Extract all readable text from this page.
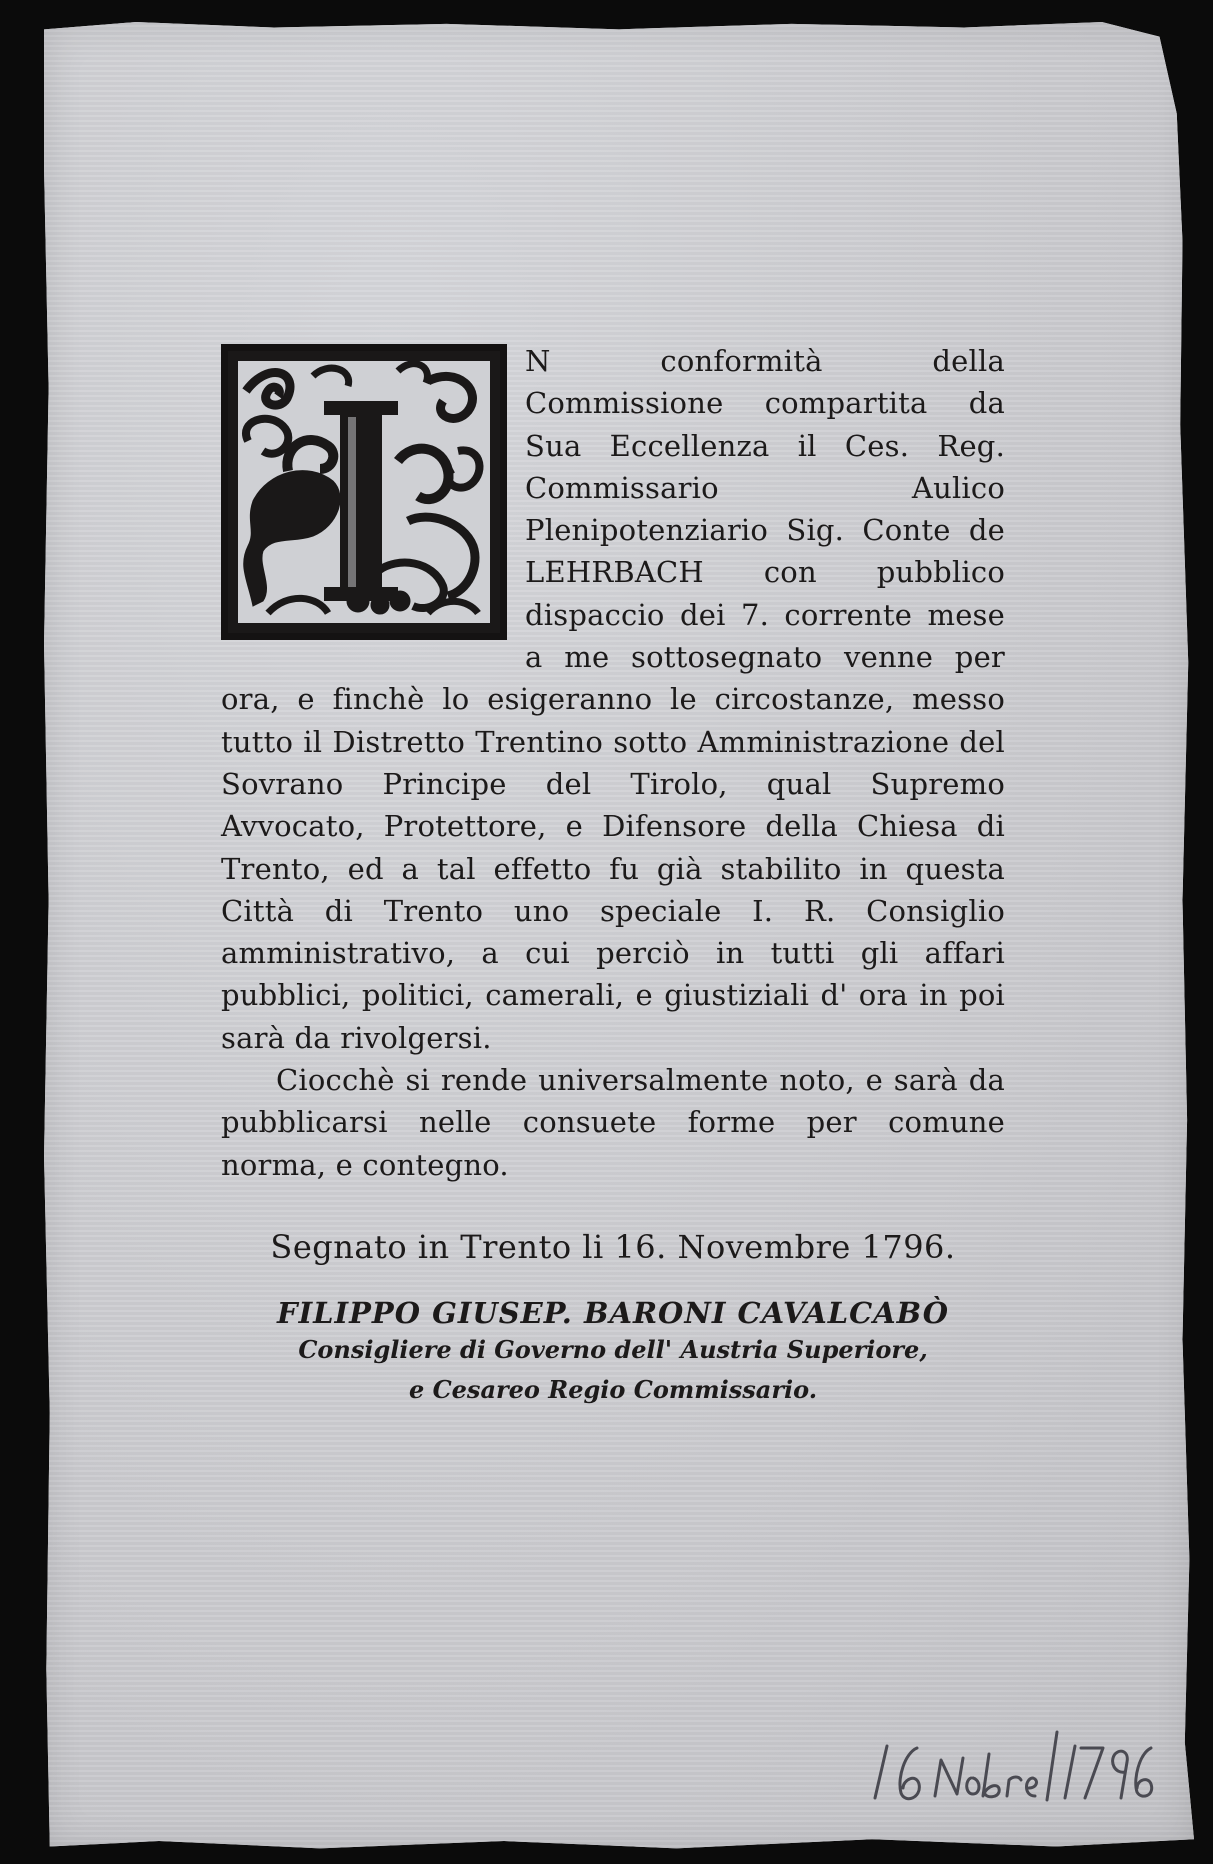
N conformità della Commissione compartita da Sua Eccellenza il Ces. Reg. Commissario Aulico Plenipotenziario Sig. Conte de LEHRBACH con pubblico dispaccio dei 7. corrente mese a me sottosegnato venne per ora, e finchè lo esigeranno le circostanze, messo tutto il Distretto Trentino sotto Amministrazione del Sovrano Principe del Tirolo, qual Supremo Avvocato, Protettore, e Difensore della Chiesa di Trento, ed a tal effetto fu già stabilito in questa Città di Trento uno speciale I. R. Consiglio amministrativo, a cui perciò in tutti gli affari pubblici, politici, camerali, e giustiziali d' ora in poi sarà da rivolgersi.

Ciocchè si rende universalmente noto, e sarà da pubblicarsi nelle consuete forme per comune norma, e contegno.

Segnato in Trento li 16. Novembre 1796.
FILIPPO GIUSEP. BARONI CAVALCABÒ
Consigliere di Governo dell' Austria Superiore,
e Cesareo Regio Commissario.
